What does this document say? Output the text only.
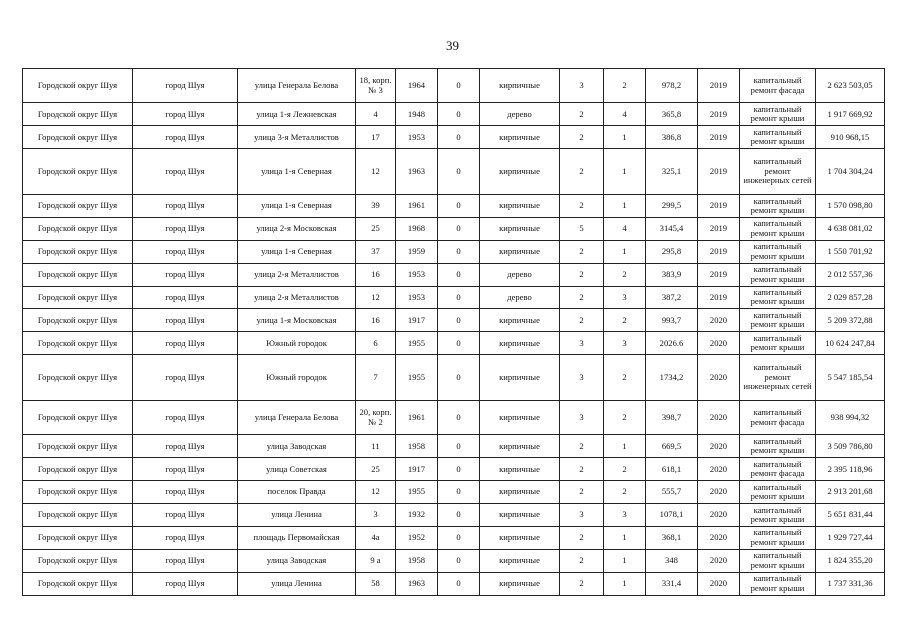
39
Городской округ Шуя	город Шуя	улица Генерала Белова	18, корп. № 3	1964	0	кирпичные	3	2	978,2	2019	капитальный ремонт фасада	2 623 503,05
Городской округ Шуя	город Шуя	улица 1-я Лежневская	4	1948	0	дерево	2	4	365,8	2019	капитальный ремонт крыши	1 917 669,92
Городской округ Шуя	город Шуя	улица 3-я Металлистов	17	1953	0	кирпичные	2	1	386,8	2019	капитальный ремонт крыши	910 968,15
Городской округ Шуя	город Шуя	улица 1-я Северная	12	1963	0	кирпичные	2	1	325,1	2019	капитальный ремонт инженерных сетей	1 704 304,24
Городской округ Шуя	город Шуя	улица 1-я Северная	39	1961	0	кирпичные	2	1	299,5	2019	капитальный ремонт крыши	1 570 098,80
Городской округ Шуя	город Шуя	улица 2-я Московская	25	1968	0	кирпичные	5	4	3145,4	2019	капитальный ремонт крыши	4 638 081,02
Городской округ Шуя	город Шуя	улица 1-я Северная	37	1959	0	кирпичные	2	1	295,8	2019	капитальный ремонт крыши	1 550 701,92
Городской округ Шуя	город Шуя	улица 2-я Металлистов	16	1953	0	дерево	2	2	383,9	2019	капитальный ремонт крыши	2 012 557,36
Городской округ Шуя	город Шуя	улица 2-я Металлистов	12	1953	0	дерево	2	3	387,2	2019	капитальный ремонт крыши	2 029 857,28
Городской округ Шуя	город Шуя	улица 1-я Московская	16	1917	0	кирпичные	2	2	993,7	2020	капитальный ремонт крыши	5 209 372,88
Городской округ Шуя	город Шуя	Южный городок	6	1955	0	кирпичные	3	3	2026.6	2020	капитальный ремонт крыши	10 624 247,84
Городской округ Шуя	город Шуя	Южный городок	7	1955	0	кирпичные	3	2	1734,2	2020	капитальный ремонт инженерных сетей	5 547 185,54
Городской округ Шуя	город Шуя	улица Генерала Белова	20, корп. № 2	1961	0	кирпичные	3	2	398,7	2020	капитальный ремонт фасада	938 994,32
Городской округ Шуя	город Шуя	улица Заводская	11	1958	0	кирпичные	2	1	669,5	2020	капитальный ремонт крыши	3 509 786,80
Городской округ Шуя	город Шуя	улица Советская	25	1917	0	кирпичные	2	2	618,1	2020	капитальный ремонт фасада	2 395 118,96
Городской округ Шуя	город Шуя	поселок Правда	12	1955	0	кирпичные	2	2	555,7	2020	капитальный ремонт крыши	2 913 201,68
Городской округ Шуя	город Шуя	улица Ленина	3	1932	0	кирпичные	3	3	1078,1	2020	капитальный ремонт крыши	5 651 831,44
Городской округ Шуя	город Шуя	площадь Первомайская	4а	1952	0	кирпичные	2	1	368,1	2020	капитальный ремонт крыши	1 929 727,44
Городской округ Шуя	город Шуя	улица Заводская	9 а	1958	0	кирпичные	2	1	348	2020	капитальный ремонт крыши	1 824 355,20
Городской округ Шуя	город Шуя	улица Ленина	58	1963	0	кирпичные	2	1	331,4	2020	капитальный ремонт крыши	1 737 331,36
